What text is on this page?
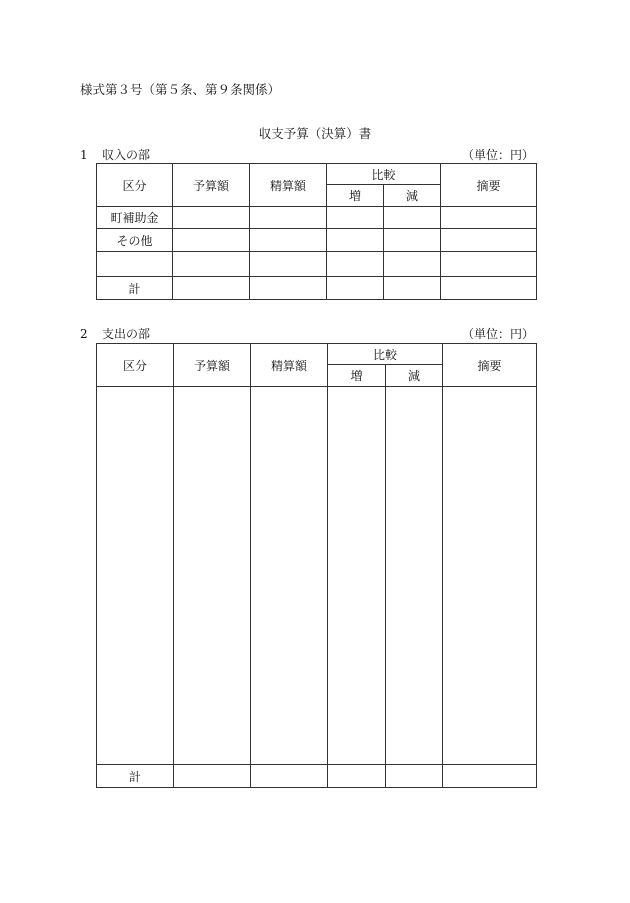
様式第３号（第５条、第９条関係）
収支予算（決算）書
1 収入の部	（単位：円）
区分	予算額	精算額	比較		摘要
			増	減	
町補助金					
その他					

計					
2 支出の部	（単位：円）
区分	予算額	精算額	比較		摘要
			増	減	

計					
